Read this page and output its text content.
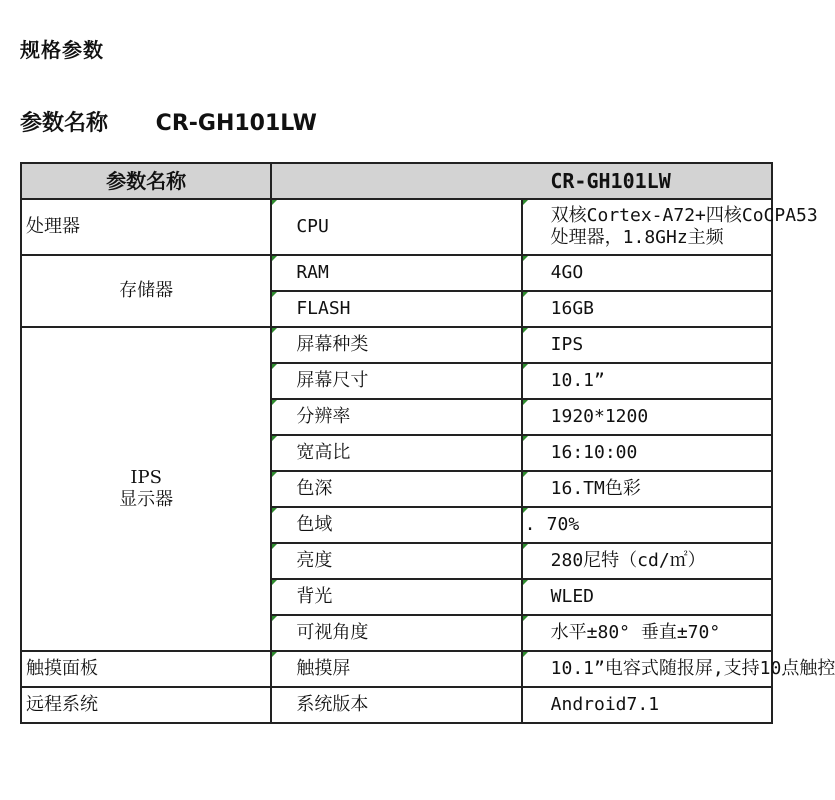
规格参数
参数名称 CR-GH101LW
参数名称	CR-GH101LW	
处理器	CPU	双核Cortex-A72+四核CoCPA53
处理器，1.8GHz主频

存储器	RAM	4GO
	FLASH	16GB

IPS
显示器	屏幕种类	IPS
	屏幕尺寸	10.1”
	分辨率	1920*1200
	宽高比	16:10:00
	色深	16.TM色彩
	色域	. 70%
	亮度	280尼特（cd/㎡）
	背光	WLED
	可视角度	水平±80° 垂直±70°
触摸面板	触摸屏	10.1”电容式随报屏,支持10点触控
远程系统	系统版本	Android7.1
